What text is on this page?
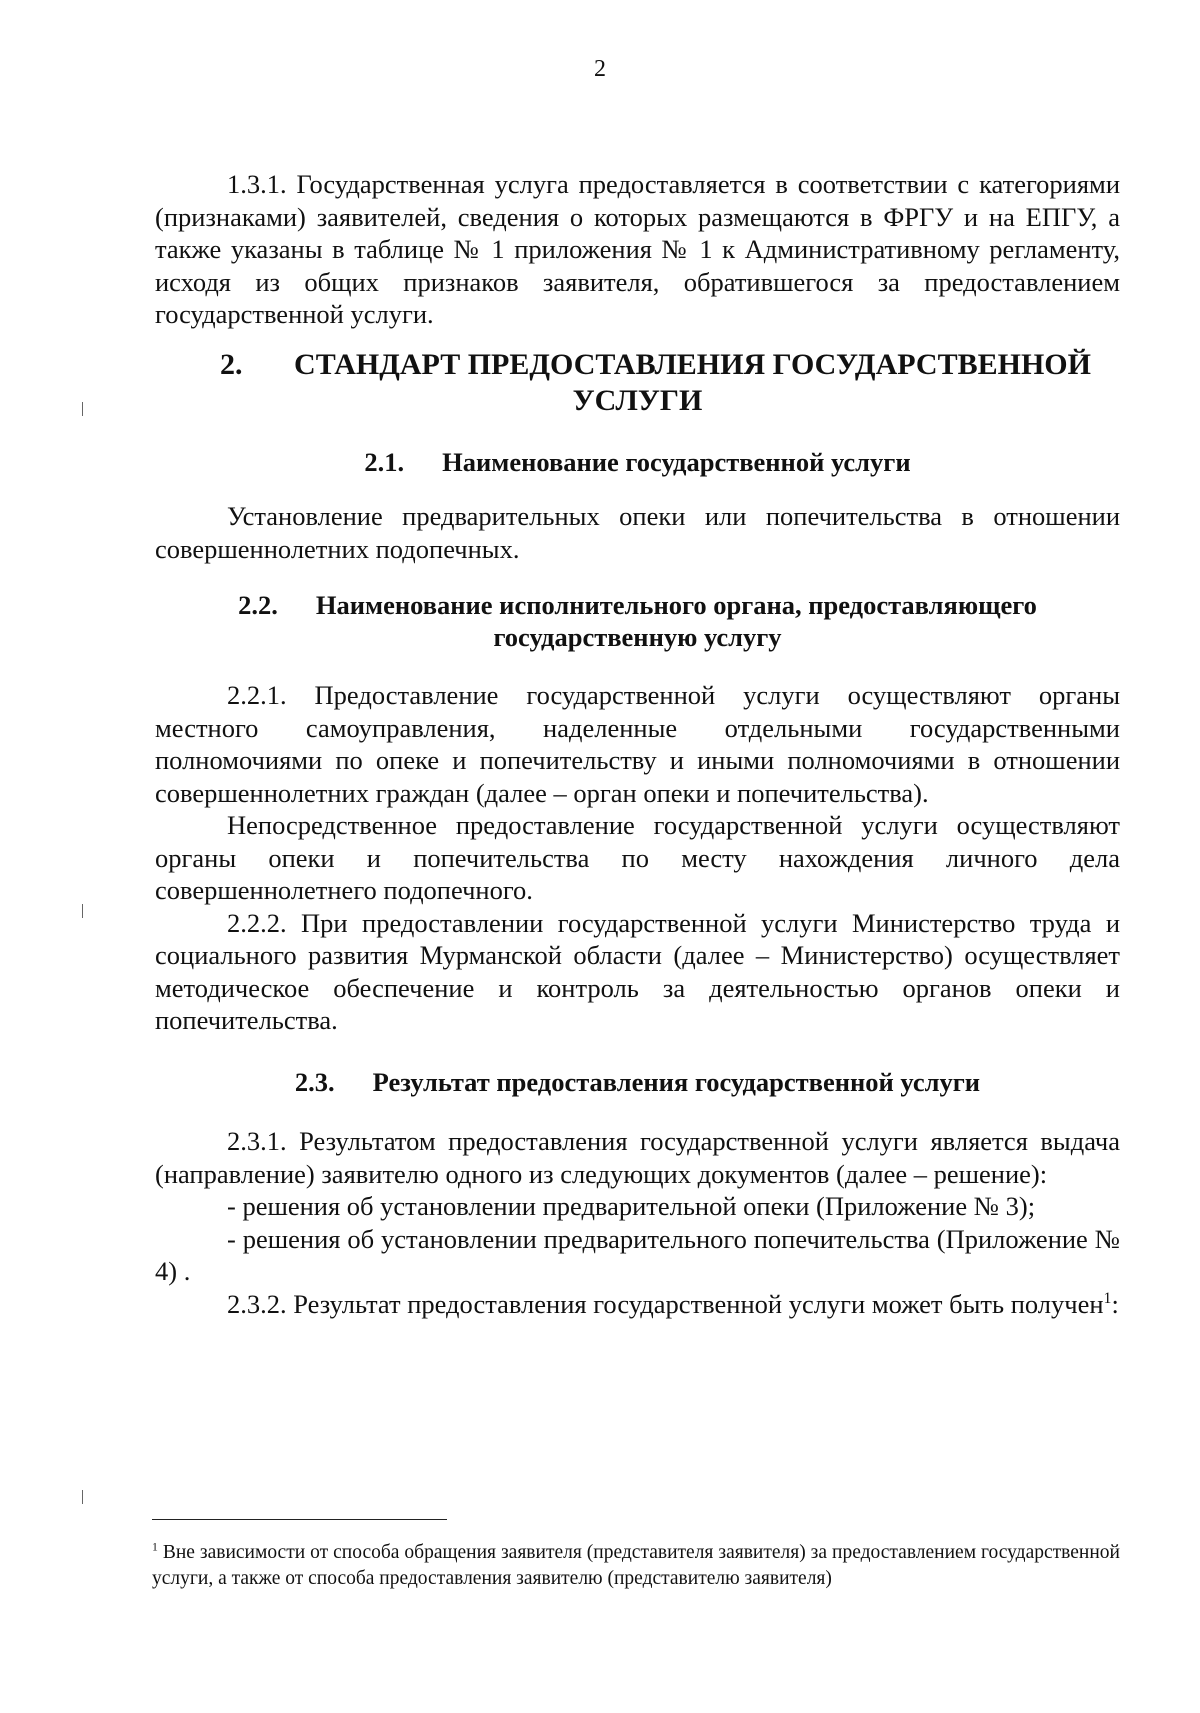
2

1.3.1. Государственная услуга предоставляется в соответствии с категориями (признаками) заявителей, сведения о которых размещаются в ФРГУ и на ЕПГУ, а также указаны в таблице № 1 приложения № 1 к Административному регламенту, исходя из общих признаков заявителя, обратившегося за предоставлением государственной услуги.

2.	СТАНДАРТ ПРЕДОСТАВЛЕНИЯ ГОСУДАРСТВЕННОЙ
УСЛУГИ
2.1. Наименование государственной услуги

Установление предварительных опеки или попечительства в отношении совершеннолетних подопечных.

2.2. Наименование исполнительного органа, предоставляющего
государственную услугу

2.2.1. Предоставление государственной услуги осуществляют органы местного самоуправления, наделенные отдельными государственными полномочиями по опеке и попечительству и иными полномочиями в отношении совершеннолетних граждан (далее – орган опеки и попечительства).

Непосредственное предоставление государственной услуги осуществляют органы опеки и попечительства по месту нахождения личного дела совершеннолетнего подопечного.

2.2.2. При предоставлении государственной услуги Министерство труда и социального развития Мурманской области (далее – Министерство) осуществляет методическое обеспечение и контроль за деятельностью органов опеки и попечительства.

2.3. Результат предоставления государственной услуги

2.3.1. Результатом предоставления государственной услуги является выдача (направление) заявителю одного из следующих документов (далее – решение):

- решения об установлении предварительной опеки (Приложение № 3);

- решения об установлении предварительного попечительства (Приложение № 4) .

2.3.2. Результат предоставления государственной услуги может быть получен$^1$:

$^1$ Вне зависимости от способа обращения заявителя (представителя заявителя) за предоставлением государственной услуги, а также от способа предоставления заявителю (представителю заявителя)
